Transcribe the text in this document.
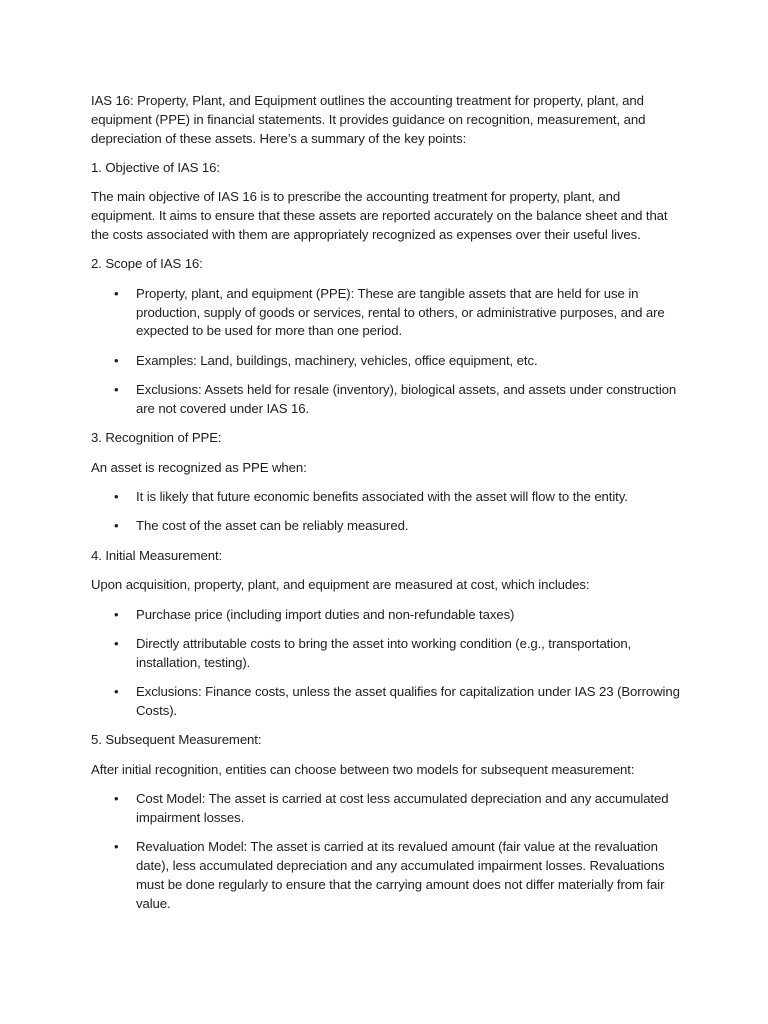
IAS 16: Property, Plant, and Equipment outlines the accounting treatment for property, plant, and equipment (PPE) in financial statements. It provides guidance on recognition, measurement, and depreciation of these assets. Here’s a summary of the key points:

1. Objective of IAS 16:

The main objective of IAS 16 is to prescribe the accounting treatment for property, plant, and equipment. It aims to ensure that these assets are reported accurately on the balance sheet and that the costs associated with them are appropriately recognized as expenses over their useful lives.

2. Scope of IAS 16:

• Property, plant, and equipment (PPE): These are tangible assets that are held for use in production, supply of goods or services, rental to others, or administrative purposes, and are expected to be used for more than one period.
• Examples: Land, buildings, machinery, vehicles, office equipment, etc.
• Exclusions: Assets held for resale (inventory), biological assets, and assets under construction are not covered under IAS 16.

3. Recognition of PPE:

An asset is recognized as PPE when:

• It is likely that future economic benefits associated with the asset will flow to the entity.
• The cost of the asset can be reliably measured.

4. Initial Measurement:

Upon acquisition, property, plant, and equipment are measured at cost, which includes:

• Purchase price (including import duties and non-refundable taxes)
• Directly attributable costs to bring the asset into working condition (e.g., transportation, installation, testing).
• Exclusions: Finance costs, unless the asset qualifies for capitalization under IAS 23 (Borrowing Costs).

5. Subsequent Measurement:

After initial recognition, entities can choose between two models for subsequent measurement:

• Cost Model: The asset is carried at cost less accumulated depreciation and any accumulated impairment losses.
• Revaluation Model: The asset is carried at its revalued amount (fair value at the revaluation date), less accumulated depreciation and any accumulated impairment losses. Revaluations must be done regularly to ensure that the carrying amount does not differ materially from fair value.
